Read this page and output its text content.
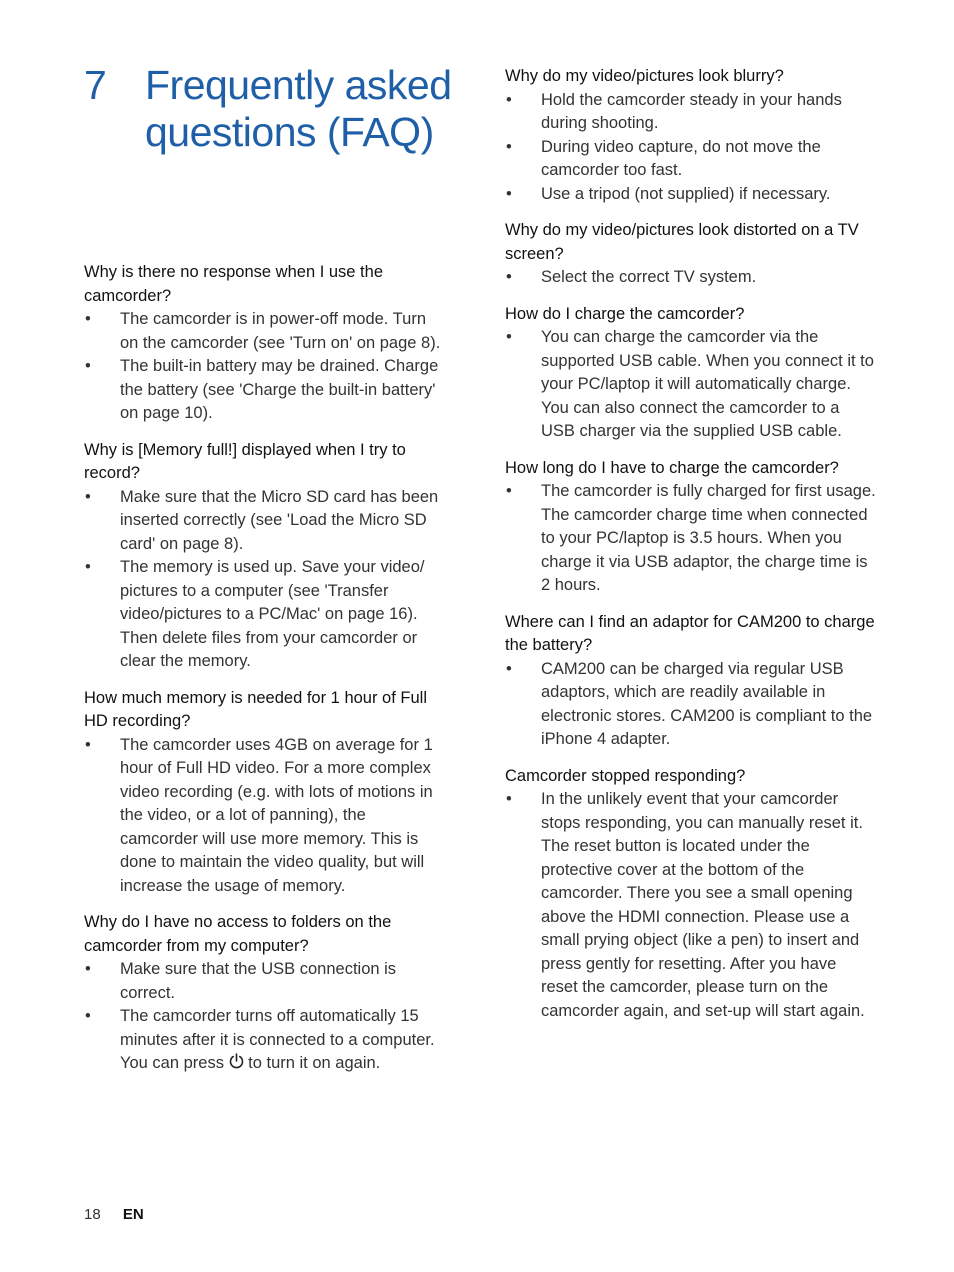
7 Frequently asked questions (FAQ)

Why is there no response when I use the camcorder?

• The camcorder is in power-off mode. Turn on the camcorder (see 'Turn on' on page 8).
• The built-in battery may be drained. Charge the battery (see 'Charge the built-in battery' on page 10).

Why is [Memory full!] displayed when I try to record?

• Make sure that the Micro SD card has been inserted correctly (see 'Load the Micro SD card' on page 8).
• The memory is used up. Save your video/ pictures to a computer (see 'Transfer video/pictures to a PC/Mac' on page 16). Then delete files from your camcorder or clear the memory.

How much memory is needed for 1 hour of Full HD recording?

• The camcorder uses 4GB on average for 1 hour of Full HD video. For a more complex video recording (e.g. with lots of motions in the video, or a lot of panning), the camcorder will use more memory. This is done to maintain the video quality, but will increase the usage of memory.

Why do I have no access to folders on the camcorder from my computer?

• Make sure that the USB connection is correct.
• The camcorder turns off automatically 15 minutes after it is connected to a computer. You can press to turn it on again.

Why do my video/pictures look blurry?

• Hold the camcorder steady in your hands during shooting.
• During video capture, do not move the camcorder too fast.
• Use a tripod (not supplied) if necessary.

Why do my video/pictures look distorted on a TV screen?

• Select the correct TV system.

How do I charge the camcorder?

• You can charge the camcorder via the supported USB cable. When you connect it to your PC/laptop it will automatically charge. You can also connect the camcorder to a USB charger via the supplied USB cable.

How long do I have to charge the camcorder?

• The camcorder is fully charged for first usage. The camcorder charge time when connected to your PC/laptop is 3.5 hours. When you charge it via USB adaptor, the charge time is 2 hours.

Where can I find an adaptor for CAM200 to charge the battery?

• CAM200 can be charged via regular USB adaptors, which are readily available in electronic stores. CAM200 is compliant to the iPhone 4 adapter.

Camcorder stopped responding?

• In the unlikely event that your camcorder stops responding, you can manually reset it. The reset button is located under the protective cover at the bottom of the camcorder. There you see a small opening above the HDMI connection. Please use a small prying object (like a pen) to insert and press gently for resetting. After you have reset the camcorder, please turn on the camcorder again, and set-up will start again.
18 EN
